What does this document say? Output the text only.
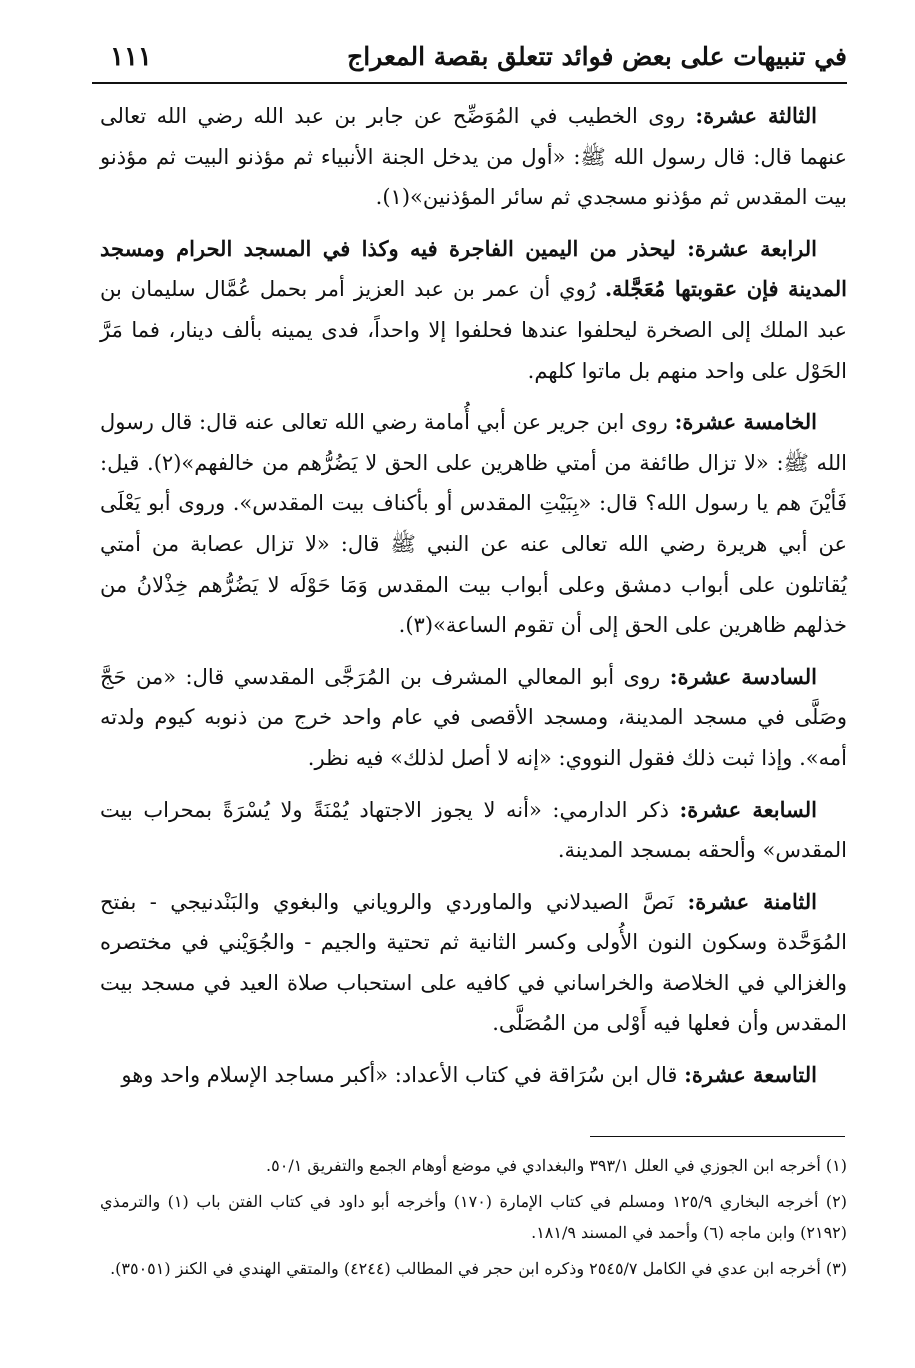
في تنبيهات على بعض فوائد تتعلق بقصة المعراج
١١١

الثالثة عشرة: روى الخطيب في المُوَضِّح عن جابر بن عبد الله رضي الله تعالى عنهما قال: قال رسول الله ﷺ: «أول من يدخل الجنة الأنبياء ثم مؤذنو البيت ثم مؤذنو بيت المقدس ثم مؤذنو مسجدي ثم سائر المؤذنين»(١).

الرابعة عشرة: ليحذر من اليمين الفاجرة فيه وكذا في المسجد الحرام ومسجد المدينة فإن عقوبتها مُعَجَّلة. رُوي أن عمر بن عبد العزيز أمر بحمل عُمَّال سليمان بن عبد الملك إلى الصخرة ليحلفوا عندها فحلفوا إلا واحداً، فدى يمينه بألف دينار، فما مَرَّ الحَوْل على واحد منهم بل ماتوا كلهم.

الخامسة عشرة: روى ابن جرير عن أبي أُمامة رضي الله تعالى عنه قال: قال رسول الله ﷺ: «لا تزال طائفة من أمتي ظاهرين على الحق لا يَضُرُّهم من خالفهم»(٢). قيل: فَأيْنَ هم يا رسول الله؟ قال: «بِبَيْتِ المقدس أو بأكناف بيت المقدس». وروى أبو يَعْلَى عن أبي هريرة رضي الله تعالى عنه عن النبي ﷺ قال: «لا تزال عصابة من أمتي يُقاتلون على أبواب دمشق وعلى أبواب بيت المقدس وَمَا حَوْلَه لا يَضُرُّهم خِذْلانُ من خذلهم ظاهرين على الحق إلى أن تقوم الساعة»(٣).

السادسة عشرة: روى أبو المعالي المشرف بن المُرَجَّى المقدسي قال: «من حَجَّ وصَلَّى في مسجد المدينة، ومسجد الأقصى في عام واحد خرج من ذنوبه كيوم ولدته أمه». وإذا ثبت ذلك فقول النووي: «إنه لا أصل لذلك» فيه نظر.

السابعة عشرة: ذكر الدارمي: «أنه لا يجوز الاجتهاد يُمْنَةً ولا يُسْرَةً بمحراب بيت المقدس» وألحقه بمسجد المدينة.

الثامنة عشرة: نَصَّ الصيدلاني والماوردي والروياني والبغوي والبَنْدنيجي - بفتح المُوَحَّدة وسكون النون الأُولى وكسر الثانية ثم تحتية والجيم - والجُوَيْني في مختصره والغزالي في الخلاصة والخراساني في كافيه على استحباب صلاة العيد في مسجد بيت المقدس وأن فعلها فيه أَوْلى من المُصَلَّى.

التاسعة عشرة: قال ابن سُرَاقة في كتاب الأعداد: «أكبر مساجد الإسلام واحد وهو

(١) أخرجه ابن الجوزي في العلل ٣٩٣/١ والبغدادي في موضع أوهام الجمع والتفريق ٥٠/١.

(٢) أخرجه البخاري ١٢٥/٩ ومسلم في كتاب الإمارة (١٧٠) وأخرجه أبو داود في كتاب الفتن باب (١) والترمذي (٢١٩٢) وابن ماجه (٦) وأحمد في المسند ١٨١/٩.

(٣) أخرجه ابن عدي في الكامل ٢٥٤٥/٧ وذكره ابن حجر في المطالب (٤٢٤٤) والمتقي الهندي في الكنز (٣٥٠٥١).
